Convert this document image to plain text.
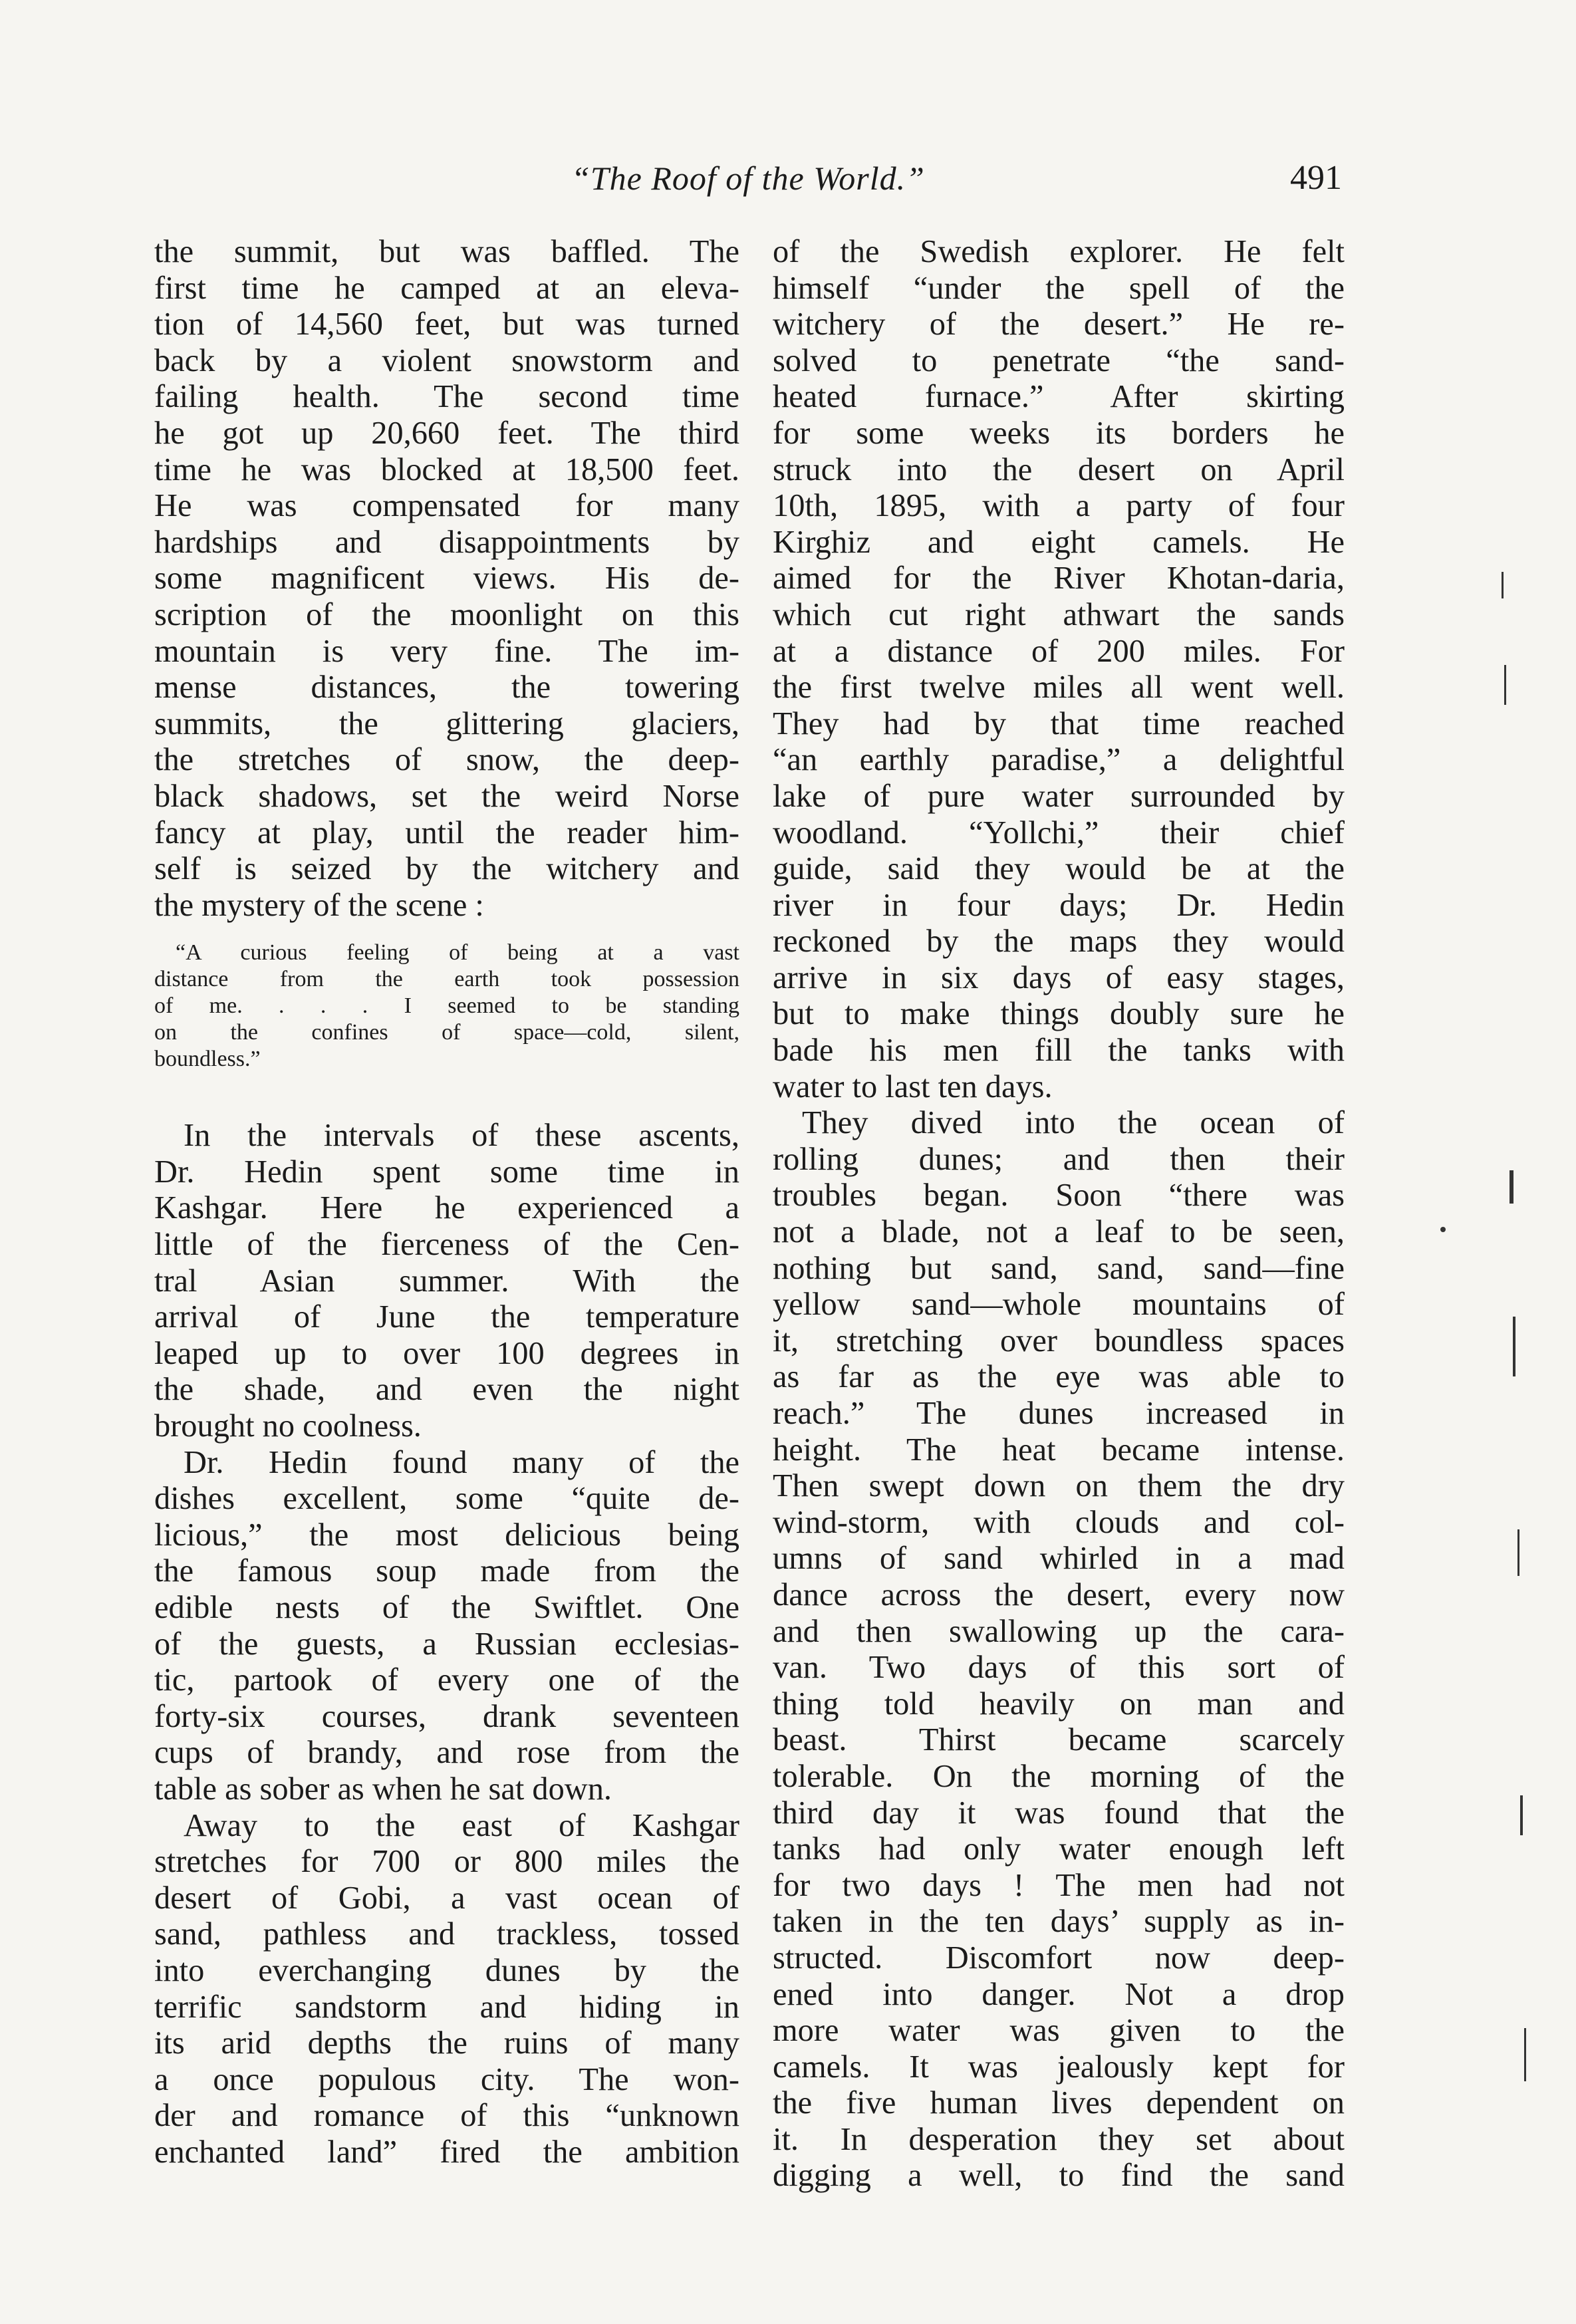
“The Roof of the World.”	491
the summit, but was baffled. The
first time he camped at an eleva-
tion of 14,560 feet, but was turned
back by a violent snowstorm and
failing health. The second time
he got up 20,660 feet. The third
time he was blocked at 18,500 feet.
He was compensated for many
hardships and disappointments by
some magnificent views. His de-
scription of the moonlight on this
mountain is very fine. The im-
mense distances, the towering
summits, the glittering glaciers,
the stretches of snow, the deep-
black shadows, set the weird Norse
fancy at play, until the reader him-
self is seized by the witchery and
the mystery of the scene :
“A curious feeling of being at a vast
distance from the earth took possession
of me. . . . I seemed to be standing
on the confines of space—cold, silent,
boundless.”
In the intervals of these ascents,
Dr. Hedin spent some time in
Kashgar. Here he experienced a
little of the fierceness of the Cen-
tral Asian summer. With the
arrival of June the temperature
leaped up to over 100 degrees in
the shade, and even the night
brought no coolness.
Dr. Hedin found many of the
dishes excellent, some “quite de-
licious,” the most delicious being
the famous soup made from the
edible nests of the Swiftlet. One
of the guests, a Russian ecclesias-
tic, partook of every one of the
forty-six courses, drank seventeen
cups of brandy, and rose from the
table as sober as when he sat down.
Away to the east of Kashgar
stretches for 700 or 800 miles the
desert of Gobi, a vast ocean of
sand, pathless and trackless, tossed
into everchanging dunes by the
terrific sandstorm and hiding in
its arid depths the ruins of many
a once populous city. The won-
der and romance of this “unknown
enchanted land” fired the ambition
of the Swedish explorer. He felt
himself “under the spell of the
witchery of the desert.” He re-
solved to penetrate “the sand-
heated furnace.” After skirting
for some weeks its borders he
struck into the desert on April
10th, 1895, with a party of four
Kirghiz and eight camels. He
aimed for the River Khotan-daria,
which cut right athwart the sands
at a distance of 200 miles. For
the first twelve miles all went well.
They had by that time reached
“an earthly paradise,” a delightful
lake of pure water surrounded by
woodland. “Yollchi,” their chief
guide, said they would be at the
river in four days; Dr. Hedin
reckoned by the maps they would
arrive in six days of easy stages,
but to make things doubly sure he
bade his men fill the tanks with
water to last ten days.
They dived into the ocean of
rolling dunes; and then their
troubles began. Soon “there was
not a blade, not a leaf to be seen,
nothing but sand, sand, sand—fine
yellow sand—whole mountains of
it, stretching over boundless spaces
as far as the eye was able to
reach.” The dunes increased in
height. The heat became intense.
Then swept down on them the dry
wind-storm, with clouds and col-
umns of sand whirled in a mad
dance across the desert, every now
and then swallowing up the cara-
van. Two days of this sort of
thing told heavily on man and
beast. Thirst became scarcely
tolerable. On the morning of the
third day it was found that the
tanks had only water enough left
for two days ! The men had not
taken in the ten days’ supply as in-
structed. Discomfort now deep-
ened into danger. Not a drop
more water was given to the
camels. It was jealously kept for
the five human lives dependent on
it. In desperation they set about
digging a well, to find the sand
